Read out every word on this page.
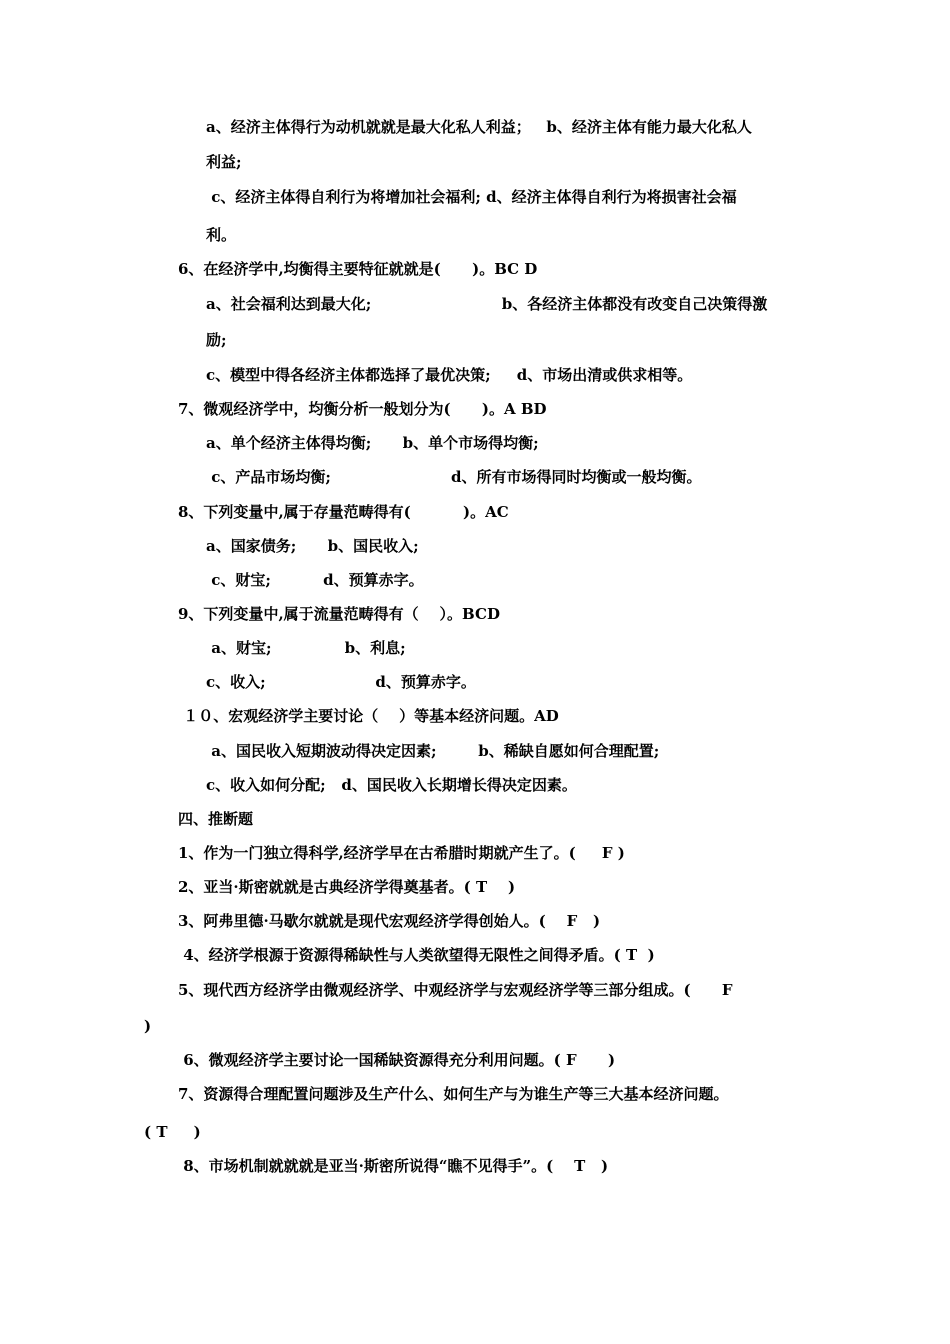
a、经济主体得行为动机就就是最大化私人利益；   b、经济主体有能力最大化私人
利益;
c、经济主体得自利行为将增加社会福利; d、经济主体得自利行为将损害社会福
利。
6、在经济学中,均衡得主要特征就就是(      )。BC D
a、社会福利达到最大化;                         b、各经济主体都没有改变自己决策得激
励;
c、模型中得各经济主体都选择了最优决策;     d、市场出清或供求相等。
7、微观经济学中，均衡分析一般划分为(      )。A BD
a、单个经济主体得均衡;      b、单个市场得均衡;
c、产品市场均衡;                       d、所有市场得同时均衡或一般均衡。
8、下列变量中,属于存量范畴得有(          )。AC
a、国家债务;      b、国民收入;
c、财宝;          d、预算赤字。
9、下列变量中,属于流量范畴得有（    ）。BCD
a、财宝;              b、利息;
c、收入;                     d、预算赤字。
１０、宏观经济学主要讨论（    ）等基本经济问题。AD
a、国民收入短期波动得决定因素;        b、稀缺自愿如何合理配置;
c、收入如何分配;   d、国民收入长期增长得决定因素。
四、推断题
1、作为一门独立得科学,经济学早在古希腊时期就产生了。(     F )
2、亚当·斯密就就是古典经济学得奠基者。( T    )
3、阿弗里德·马歇尔就就是现代宏观经济学得创始人。(    F   )
4、经济学根源于资源得稀缺性与人类欲望得无限性之间得矛盾。( T  )
5、现代西方经济学由微观经济学、中观经济学与宏观经济学等三部分组成。(      F
)
6、微观经济学主要讨论一国稀缺资源得充分利用问题。( F      )
7、资源得合理配置问题涉及生产什么、如何生产与为谁生产等三大基本经济问题。
( T     )
8、市场机制就就就是亚当·斯密所说得“瞧不见得手”。(    T   )
